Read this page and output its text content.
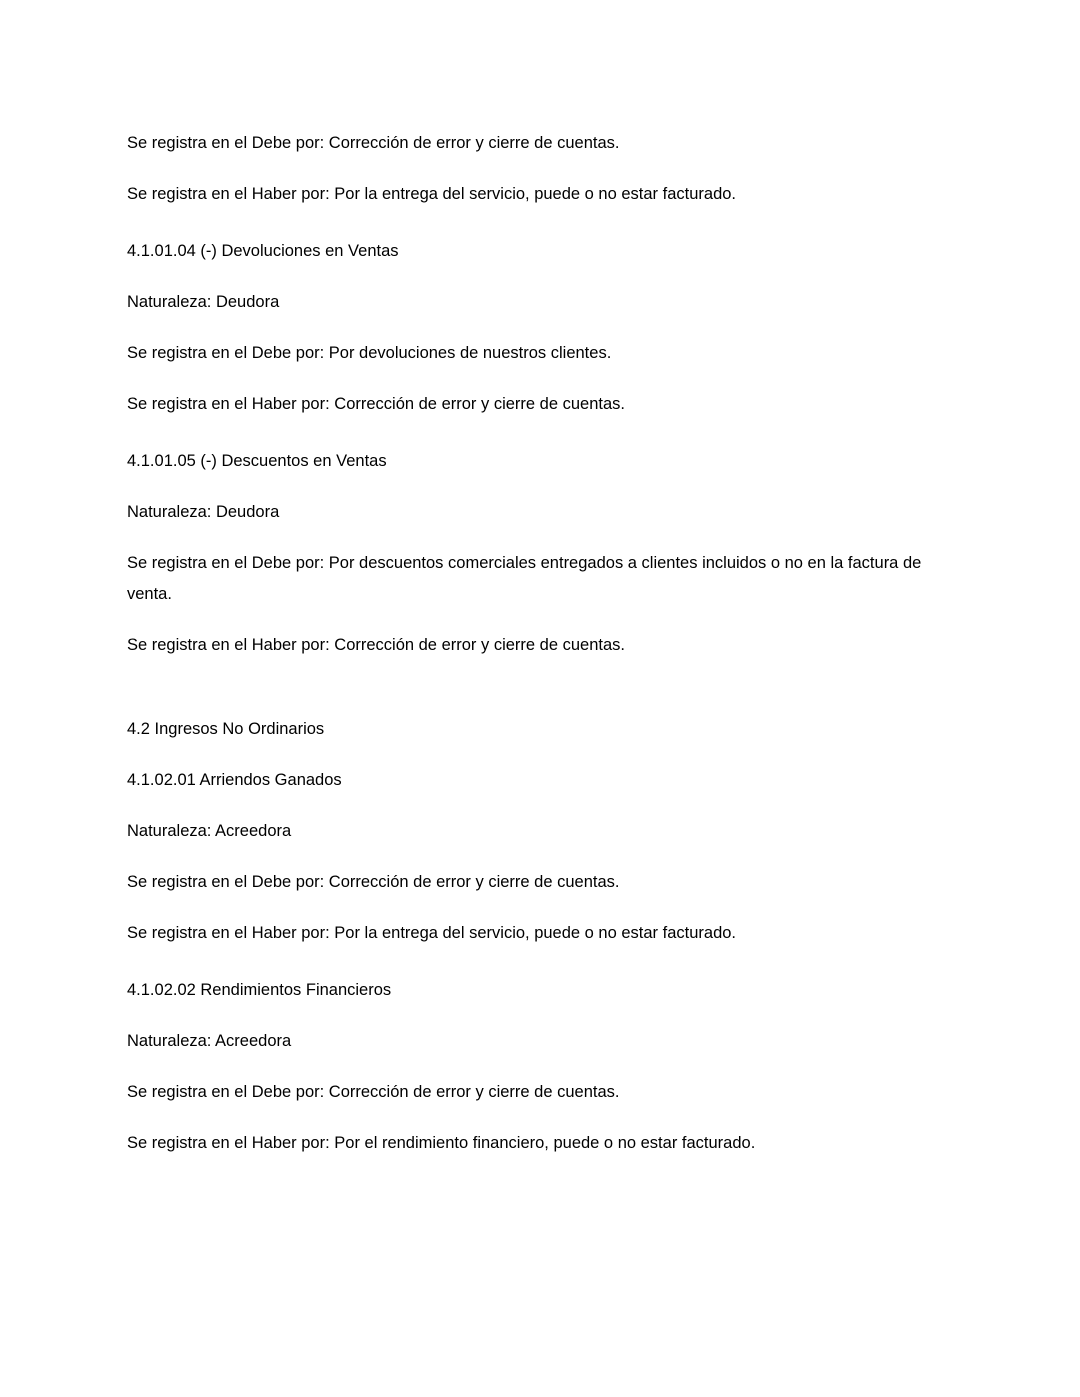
Se registra en el Debe por: Corrección de error y cierre de cuentas.

Se registra en el Haber por: Por la entrega del servicio, puede o no estar facturado.

4.1.01.04 (-) Devoluciones en Ventas

Naturaleza: Deudora

Se registra en el Debe por: Por devoluciones de nuestros clientes.

Se registra en el Haber por: Corrección de error y cierre de cuentas.

4.1.01.05 (-) Descuentos en Ventas

Naturaleza: Deudora

Se registra en el Debe por: Por descuentos comerciales entregados a clientes incluidos o no en la factura de venta.

Se registra en el Haber por: Corrección de error y cierre de cuentas.

4.2 Ingresos No Ordinarios

4.1.02.01 Arriendos Ganados

Naturaleza: Acreedora

Se registra en el Debe por: Corrección de error y cierre de cuentas.

Se registra en el Haber por: Por la entrega del servicio, puede o no estar facturado.

4.1.02.02 Rendimientos Financieros

Naturaleza: Acreedora

Se registra en el Debe por: Corrección de error y cierre de cuentas.

Se registra en el Haber por: Por el rendimiento financiero, puede o no estar facturado.
